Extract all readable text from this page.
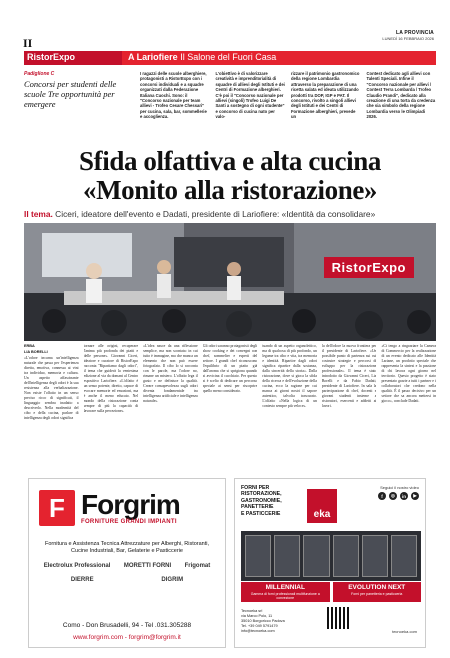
II
LA PROVINCIA
LUNEDÌ 16 FEBBRAIO 2026
RistorExpo	A Lariofiere Il Salone del Fuori Casa
Padiglione C
Concorsi per studenti delle scuole Tre opportunità per emergere
I ragazzi delle scuole alberghiere, protagonisti a RistorExpo con i concorsi individuali e a squadre organizzati dalla Federazione Italiana Cuochi. Sono: il "Concorso nazionale per team allievi - Trofeo Cesare Chessari" per cucina, sala, bar, sommellerie e accoglienza.
L'obiettivo è di valorizzare creatività e imprenditorialità di squadre di allievi degli Istituti e dei Centri di Formazione alberghieri. C'è poi il "Concorso nazionale per allievi (singoli) Trofeo Luigi De Santi a sostegno di ogni studente" e concorso di cucina nato per valo-
rizzare il patrimonio gastronomico della regione Lombardia attraverso la preparazione di una ricetta salata ed ideata utilizzando prodotti tra DOP, IGP e PAT. Il concorso, rivolto a singoli allievi degli Istituti e dei Centri di Formazione alberghieri, prevede un
Contest dedicato agli allievi con Talenti Speciali. Infine il "Concorso nazionale per allievi / Contest Terra Lombarda / Trofeo Claudio Prandi", dedicato alla creazione di una torta da credenza che sia simbolo della regione Lombardia verso le Olimpiadi 2026.
Sfida olfattiva e alta cucina
«Monito alla ristorazione»
Il tema. Ciceri, ideatore dell'evento e Dadati, presidente di Lariofiere: «Identità da consolidare»
RistorExpo
ERBA
LIA BORELLI
«L'odore incarna un'intelligenza naturale che passa per l'esperienza diretta, emotiva, connessa ai vini tra individuo, memoria e cultura. Un aspetto affascinante dell'intelligenza degli odori è la sua resistenza alla verbalizzazione. Non esiste l'olfatto in un senso preciso ricco di significati, il linguaggio sembra inadatto a descriverlo. Nella modernità del cibo e della cucina, parlare di intelligenza degli odori significa
tornare alle origini, recuperare l'anima più profonda dei piatti e delle persone». Giovanni Ciceri, ideatore e curatore di RistorExpo racconta "Ripartiamo dagli odori", il tema che guiderà la ventesima edizione al via da domani al Centro espositivo Lariofiere. «L'olfatto è un senso potente, diretto, capace di evocare memorie ed emozioni, ma è anche il meno educato. Nel mondo della ristorazione conta sempre di più la capacità di lavorare sulla percezione».
«L'idea nasce da una riflessione semplice, ma non scontata: in cui tutto è immagine, ma che manca un elemento che non può essere fotografato. Il cibo lo si racconta con le parole, ma l'odore no, rimane un mistero. L'olfatto lega il gusto e ne definisce la qualità. Creare consapevolezza sugli odori diventa fondamentale tra intelligenza artificiale e intelligenza naturale».
Gli odori saranno protagonisti degli show cooking e dei convegni con chef, sommelier e esperti del settore. I grandi chef riconoscono l'equilibrio di un piatto già dall'aroma che si sprigiona quando si avvicina il cucchiaio. Per questo si è scelto di dedicare un percorso speciale ai sensi per riscoprire quello meno considerato.
tuando di un aspetto organolettico, ma di qualcosa di più profondo, un legame tra cibo e vita, tra memoria e identità. Ripartire dagli odori significa ripartire dalla sostanza, dalla sincerità della storia». Dalla ristorazione, dove si gioca la sfida della ricerca e dell'evoluzione della cucina, ecco la ragione per cui manca ai giorni nostri il sapore autentico, talvolta trascurato. L'olfatto «Nella logica di un contesto sempre più veloce».
la dell'odore la nuova frontiera per il presidente di Lariofiere. «Un possibile punto di partenza sui cui costruire strategie e percorsi di sviluppo per la ristorazione professionale». Il tema è stato introdotto da Giovanni Ciceri, Lia Borelli e da Fabio Dadati, presidente di Lariofiere. In sala la partecipazione di chef, docenti e giovani studenti insieme a ristoratori, esercenti e addetti ai lavori.
«Ci tengo a ringraziare la Camera di Commercio per la realizzazione di un evento dedicato alle Identità Lariane, un prodotto speciale che rappresenta la sintesi e la passione di chi lavora ogni giorno nel territorio. Questo progetto è stato presentato grazie a tutti i partner e i collaboratori che credono nella qualità. È il passo decisivo per un settore che sa ancora mettersi in gioco», conclude Dadati.
F Forgrim
FORNITURE GRANDI IMPIANTI
Fornitura e Assistenza Tecnica Attrezzature per Alberghi, Ristoranti, Cucine Industriali, Bar, Gelaterie e Pasticcerie
Electrolux Professional	MORETTI FORNI	Frigomat
DIERRE	DIGRIM
Como - Don Brusadelli, 94 - Tel .031.305288
www.forgrim.com - forgrim@forgrim.it
FORNI PER
RISTORAZIONE,
GASTRONOMIE,
PANETTERIE
E PASTICCERIE	eka
Seguici il nostro video
f	◎	in	▶
MILLENNIAL	EVOLUTION NEXT
Gamma di forni professionali multifunzione a convezione
Forni per panetteria e pasticceria
Tecnoeka srl
via Marco Polo, 11
35010 Borgoricco Padova
Tel. +39 049 5791479
info@tecnoeka.com	tecnoeka.com
